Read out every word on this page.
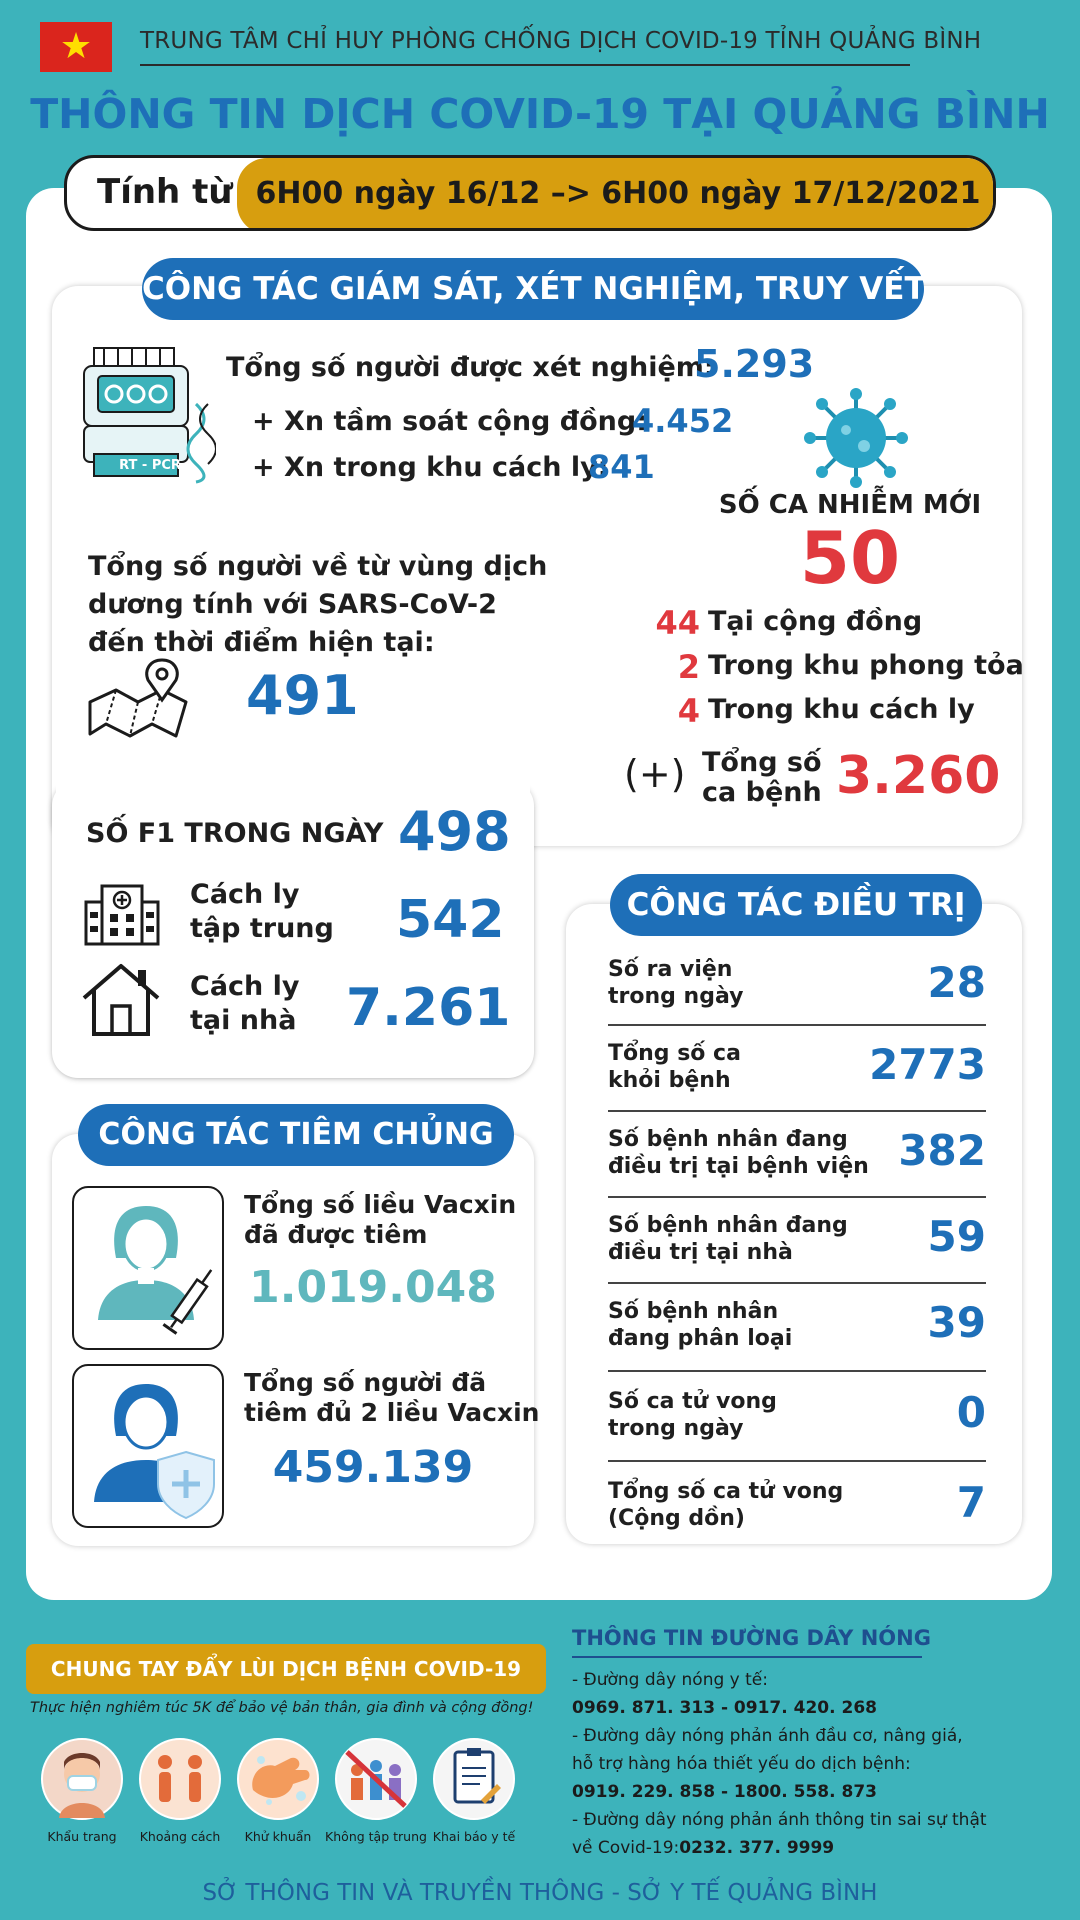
★	TRUNG TÂM CHỈ HUY PHÒNG CHỐNG DỊCH COVID-19 TỈNH QUẢNG BÌNH
THÔNG TIN DỊCH COVID-19 TẠI QUẢNG BÌNH
Tính từ 6H00 ngày 16/12 –> 6H00 ngày 17/12/2021
CÔNG TÁC GIÁM SÁT, XÉT NGHIỆM, TRUY VẾT
RT - PCR
Tổng số người được xét nghiệm:
5.293
+ Xn tầm soát cộng đồng:
4.452
+ Xn trong khu cách ly:
841
SỐ CA NHIỄM MỚI
50
44 Tại cộng đồng
2 Trong khu phong tỏa
4 Trong khu cách ly
(+) Tổng số
ca bệnh 3.260
Tổng số người về từ vùng dịch
dương tính với SARS-CoV-2
đến thời điểm hiện tại:
491
SỐ F1 TRONG NGÀY 498
Cách ly
tập trung 542
Cách ly
tại nhà 7.261
Số ra viện
trong ngày	28
Tổng số ca
khỏi bệnh	2773
Số bệnh nhân đang
điều trị tại bệnh viện 382
Số bệnh nhân đang
điều trị tại nhà	59
Số bệnh nhân
đang phân loại	39
Số ca tử vong
trong ngày	0
Tổng số ca tử vong
(Cộng dồn)	7
CÔNG TÁC ĐIỀU TRỊ
CÔNG TÁC TIÊM CHỦNG
Tổng số liều Vacxin
đã được tiêm
1.019.048
Tổng số người đã
tiêm đủ 2 liều Vacxin
459.139
CHUNG TAY ĐẨY LÙI DỊCH BỆNH COVID-19
Thực hiện nghiêm túc 5K để bảo vệ bản thân, gia đình và cộng đồng!
Khẩu trang	Khoảng cách	Khử khuẩn	Không tập trung Khai báo y tế
THÔNG TIN ĐƯỜNG DÂY NÓNG
- Đường dây nóng y tế:
0969. 871. 313 - 0917. 420. 268
- Đường dây nóng phản ánh đầu cơ, nâng giá,
hỗ trợ hàng hóa thiết yếu do dịch bệnh:
0919. 229. 858 - 1800. 558. 873
- Đường dây nóng phản ánh thông tin sai sự thật
về Covid-19:0232. 377. 9999
SỞ THÔNG TIN VÀ TRUYỀN THÔNG - SỞ Y TẾ QUẢNG BÌNH
